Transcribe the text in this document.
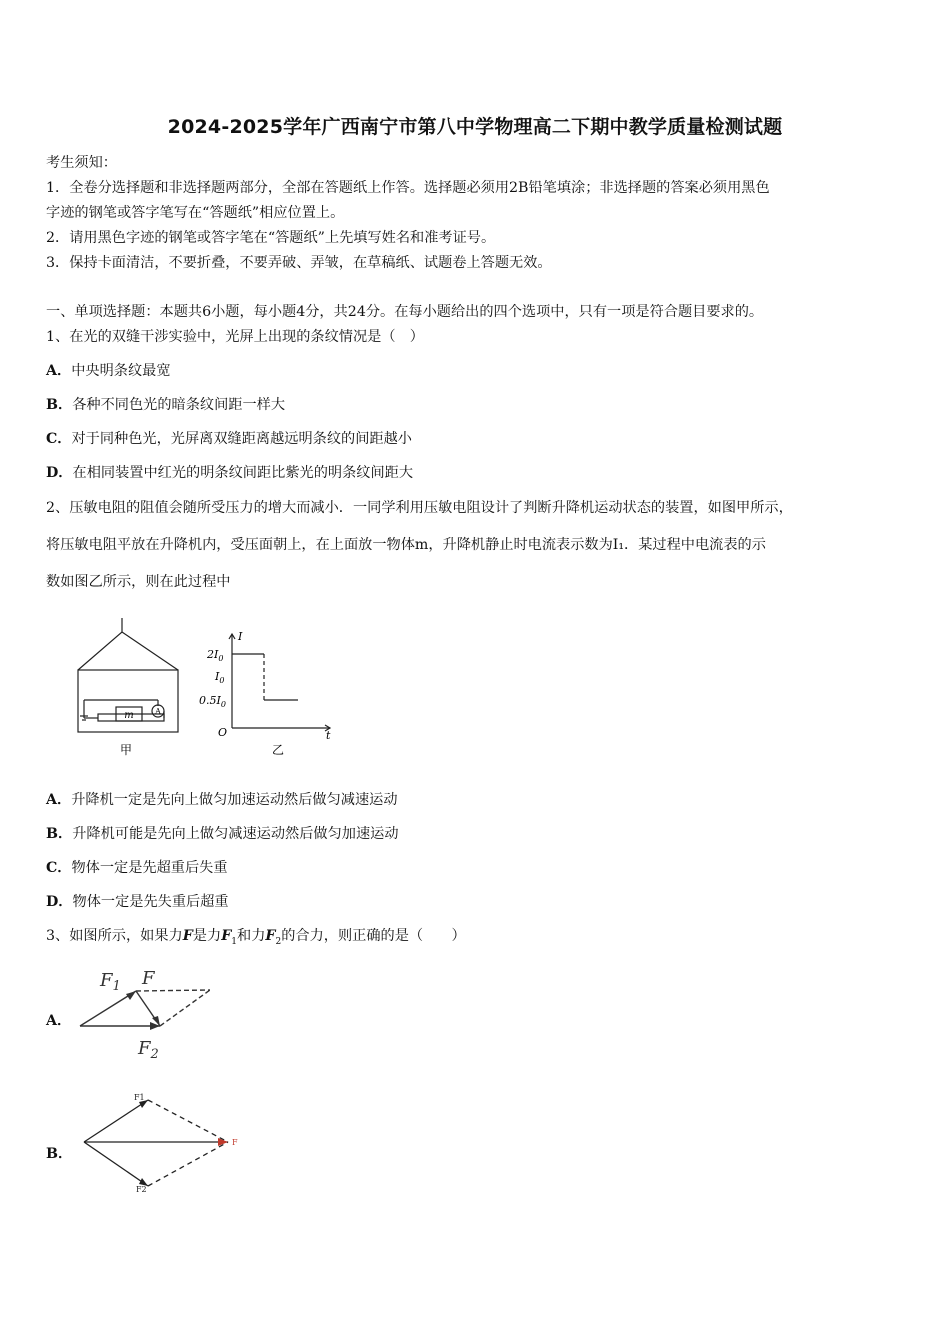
2024-2025学年广西南宁市第八中学物理高二下期中教学质量检测试题
考生须知：
1．全卷分选择题和非选择题两部分，全部在答题纸上作答。选择题必须用2B铅笔填涂；非选择题的答案必须用黑色
字迹的钢笔或答字笔写在“答题纸”相应位置上。
2．请用黑色字迹的钢笔或答字笔在“答题纸”上先填写姓名和准考证号。
3．保持卡面清洁，不要折叠，不要弄破、弄皱，在草稿纸、试题卷上答题无效。
一、单项选择题：本题共6小题，每小题4分，共24分。在每小题给出的四个选项中，只有一项是符合题目要求的。
1、在光的双缝干涉实验中，光屏上出现的条纹情况是（　）
A．中央明条纹最宽
B．各种不同色光的暗条纹间距一样大
C．对于同种色光，光屏离双缝距离越远明条纹的间距越小
D．在相同装置中红光的明条纹间距比紫光的明条纹间距大
2、压敏电阻的阻值会随所受压力的增大而减小．一同学利用压敏电阻设计了判断升降机运动状态的装置，如图甲所示，
将压敏电阻平放在升降机内，受压面朝上，在上面放一物体m，升降机静止时电流表示数为I₁．某过程中电流表的示
数如图乙所示，则在此过程中
m	A
甲
I
t
O
$2I_0$
$I_0$
$0.5I_0$
乙
A．升降机一定是先向上做匀加速运动然后做匀减速运动
B．升降机可能是先向上做匀减速运动然后做匀加速运动
C．物体一定是先超重后失重
D．物体一定是先失重后超重
3、如图所示，如果力F是力$F_1$和力$F_2$的合力，则正确的是（　　）
A．
$F_1$ F
$F_2$
B．
F1
F
F2
